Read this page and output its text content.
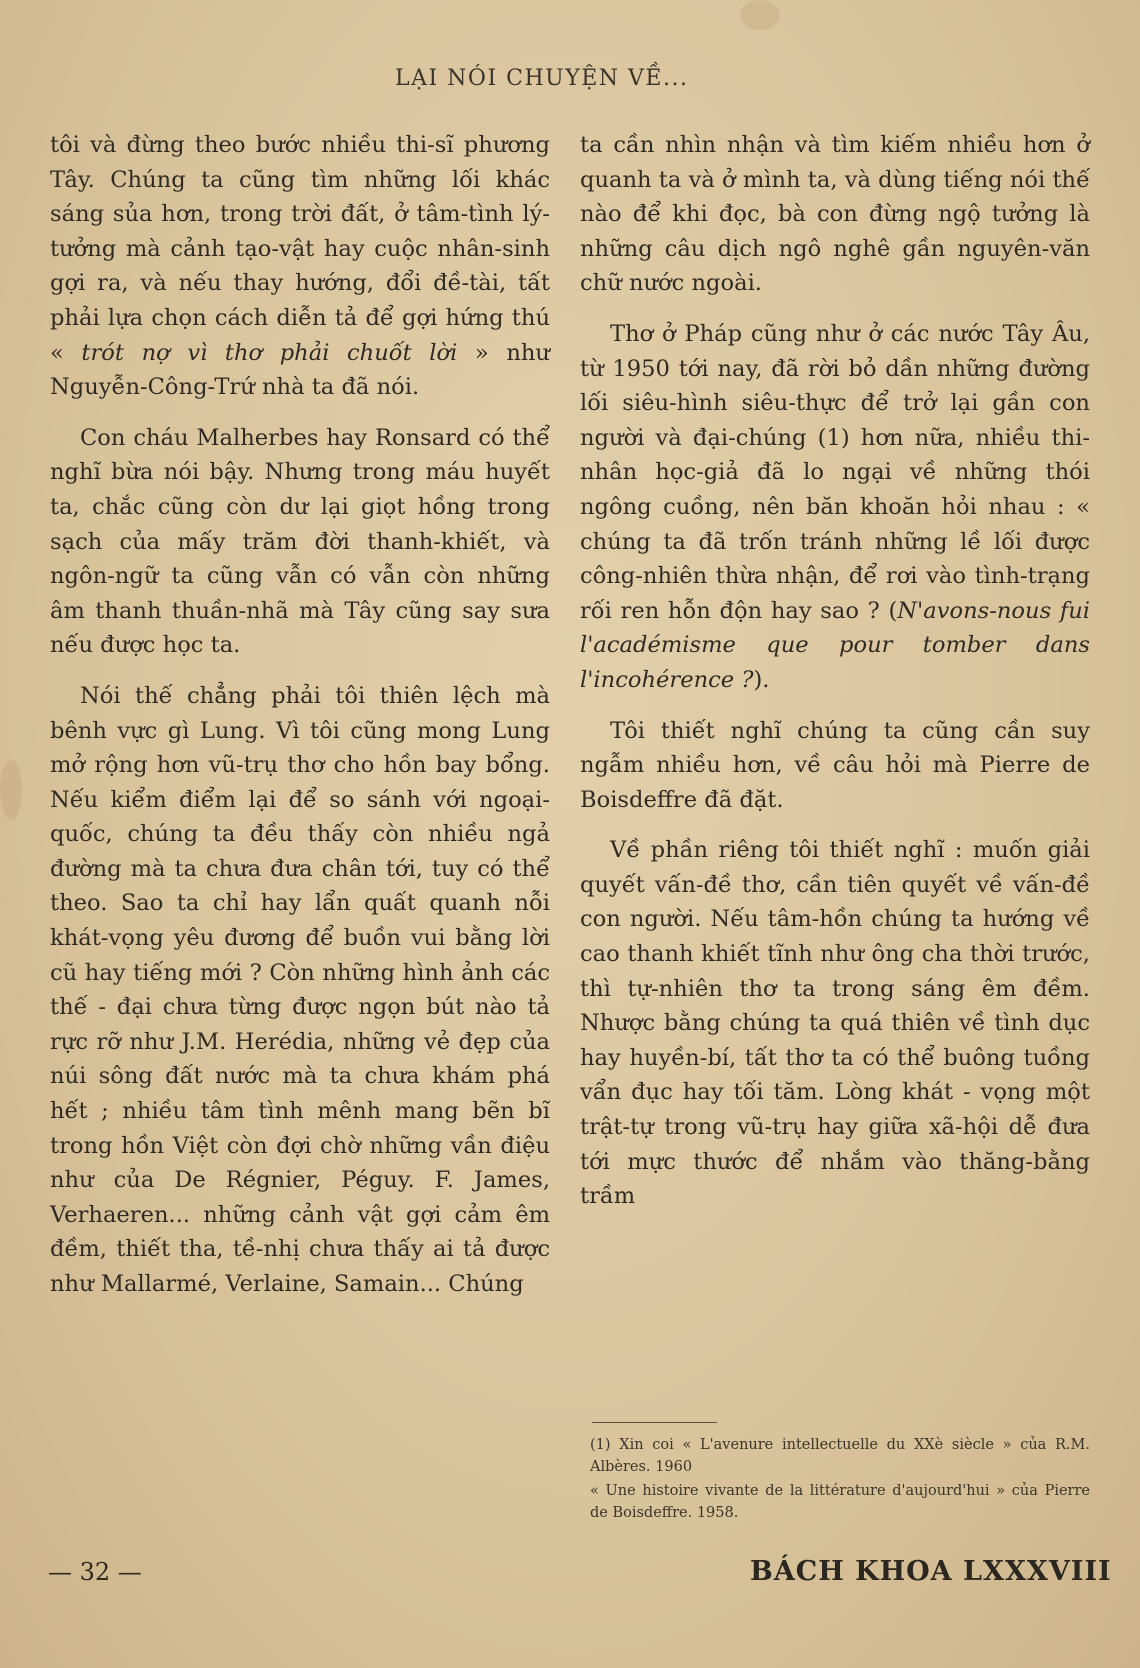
LẠI NÓI CHUYỆN VỀ...

tôi và đừng theo bước nhiều thi-sĩ phương Tây. Chúng ta cũng tìm những lối khác sáng sủa hơn, trong trời đất, ở tâm-tình lý-tưởng mà cảnh tạo-vật hay cuộc nhân-sinh gợi ra, và nếu thay hướng, đổi đề-tài, tất phải lựa chọn cách diễn tả để gợi hứng thú « trót nợ vì thơ phải chuốt lời » như Nguyễn-Công-Trứ nhà ta đã nói.

Con cháu Malherbes hay Ronsard có thể nghĩ bừa nói bậy. Nhưng trong máu huyết ta, chắc cũng còn dư lại giọt hồng trong sạch của mấy trăm đời thanh-khiết, và ngôn-ngữ ta cũng vẫn có vẫn còn những âm thanh thuần-nhã mà Tây cũng say sưa nếu được học ta.

Nói thế chẳng phải tôi thiên lệch mà bênh vực gì Lung. Vì tôi cũng mong Lung mở rộng hơn vũ-trụ thơ cho hồn bay bổng. Nếu kiểm điểm lại để so sánh với ngoại-quốc, chúng ta đều thấy còn nhiều ngả đường mà ta chưa đưa chân tới, tuy có thể theo. Sao ta chỉ hay lẩn quất quanh nỗi khát-vọng yêu đương để buồn vui bằng lời cũ hay tiếng mới ? Còn những hình ảnh các thế - đại chưa từng được ngọn bút nào tả rực rỡ như J.M. Herédia, những vẻ đẹp của núi sông đất nước mà ta chưa khám phá hết ; nhiều tâm tình mênh mang bẽn bĩ trong hồn Việt còn đợi chờ những vần điệu như của De Régnier, Péguy. F. James, Verhaeren... những cảnh vật gợi cảm êm đềm, thiết tha, tề-nhị chưa thấy ai tả được như Mallarmé, Verlaine, Samain... Chúng

ta cần nhìn nhận và tìm kiếm nhiều hơn ở quanh ta và ở mình ta, và dùng tiếng nói thế nào để khi đọc, bà con đừng ngộ tưởng là những câu dịch ngô nghê gần nguyên-văn chữ nước ngoài.

Thơ ở Pháp cũng như ở các nước Tây Âu, từ 1950 tới nay, đã rời bỏ dần những đường lối siêu-hình siêu-thực để trở lại gần con người và đại-chúng (1) hơn nữa, nhiều thi-nhân học-giả đã lo ngại về những thói ngông cuồng, nên băn khoăn hỏi nhau : « chúng ta đã trốn tránh những lề lối được công-nhiên thừa nhận, để rơi vào tình-trạng rối ren hỗn độn hay sao ? (N'avons-nous fui l'académisme que pour tomber dans l'incohérence ?).

Tôi thiết nghĩ chúng ta cũng cần suy ngẫm nhiều hơn, về câu hỏi mà Pierre de Boisdeffre đã đặt.

Về phần riêng tôi thiết nghĩ : muốn giải quyết vấn-đề thơ, cần tiên quyết về vấn-đề con người. Nếu tâm-hồn chúng ta hướng về cao thanh khiết tĩnh như ông cha thời trước, thì tự-nhiên thơ ta trong sáng êm đềm. Nhược bằng chúng ta quá thiên về tình dục hay huyền-bí, tất thơ ta có thể buông tuồng vẩn đục hay tối tăm. Lòng khát - vọng một trật-tự trong vũ-trụ hay giữa xã-hội dễ đưa tới mực thước để nhắm vào thăng-bằng trầm

(1) Xin coi « L'avenure intellectuelle du XXè siècle » của R.M. Albères. 1960

« Une histoire vivante de la littérature d'aujourd'hui » của Pierre de Boisdeffre. 1958.

— 32 —	BÁCH KHOA LXXXVIII
